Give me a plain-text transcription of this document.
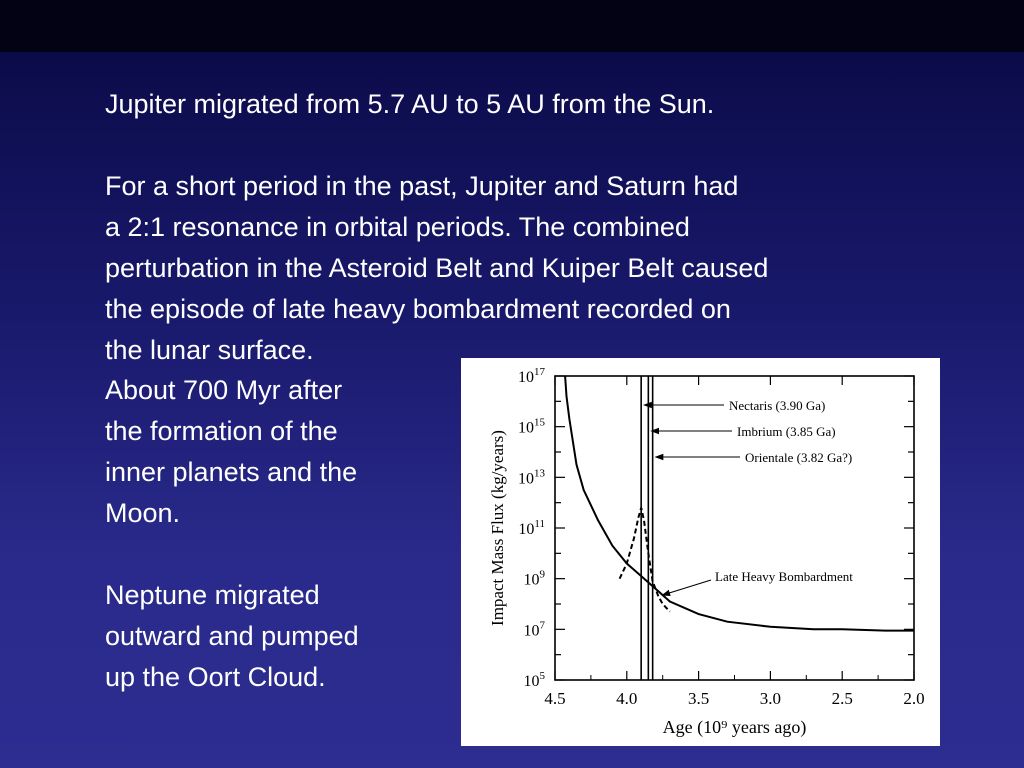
Jupiter migrated from 5.7 AU to 5 AU from the Sun.
For a short period in the past, Jupiter and Saturn had
a 2:1 resonance in orbital periods. The combined
perturbation in the Asteroid Belt and Kuiper Belt caused
the episode of late heavy bombardment recorded on
the lunar surface.
About 700 Myr after
the formation of the
inner planets and the
Moon.
Neptune migrated
outward and pumped
up the Oort Cloud.
4.5	4.0	3.5	3.0	2.5	2.0
$10^{17}$
$10^{15}$
$10^{13}$
$10^{11}$
$10^9$
$10^7$
$10^5$
Age (10⁹ years ago)
Impact Mass Flux (kg/years)
Nectaris (3.90 Ga)
Imbrium (3.85 Ga)
Orientale (3.82 Ga?)
Late Heavy Bombardment
